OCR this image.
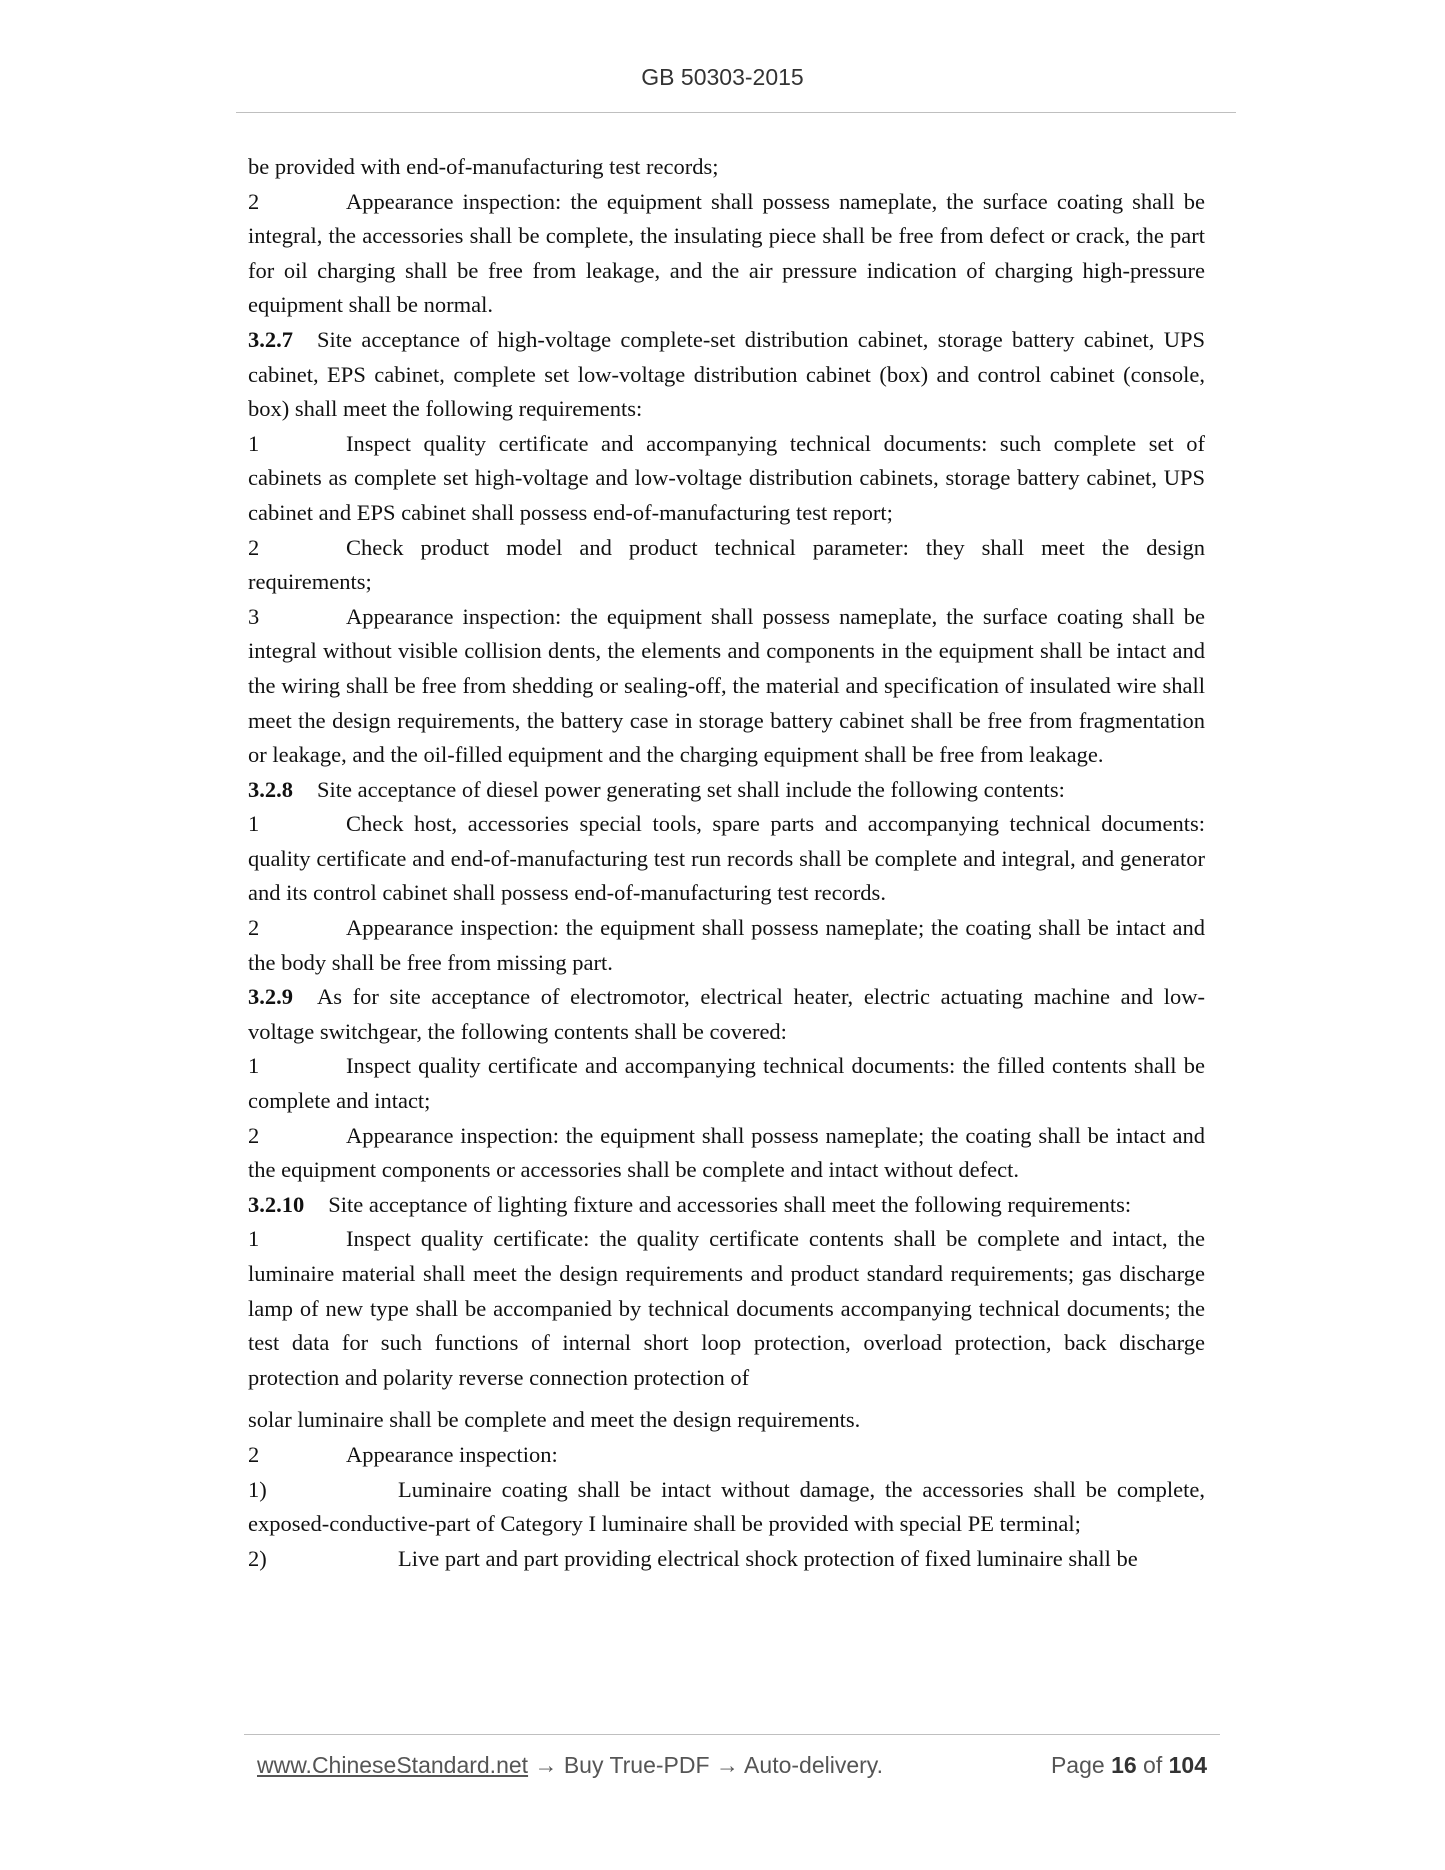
GB 50303-2015
be provided with end-of-manufacturing test records;
2	Appearance inspection: the equipment shall possess nameplate, the surface coating shall be integral, the accessories shall be complete, the insulating piece shall be free from defect or crack, the part for oil charging shall be free from leakage, and the air pressure indication of charging high-pressure equipment shall be normal.
3.2.7 Site acceptance of high-voltage complete-set distribution cabinet, storage battery cabinet, UPS cabinet, EPS cabinet, complete set low-voltage distribution cabinet (box) and control cabinet (console, box) shall meet the following requirements:
1	Inspect quality certificate and accompanying technical documents: such complete set of cabinets as complete set high-voltage and low-voltage distribution cabinets, storage battery cabinet, UPS cabinet and EPS cabinet shall possess end-of-manufacturing test report;
2	Check product model and product technical parameter: they shall meet the design requirements;
3	Appearance inspection: the equipment shall possess nameplate, the surface coating shall be integral without visible collision dents, the elements and components in the equipment shall be intact and the wiring shall be free from shedding or sealing-off, the material and specification of insulated wire shall meet the design requirements, the battery case in storage battery cabinet shall be free from fragmentation or leakage, and the oil-filled equipment and the charging equipment shall be free from leakage.
3.2.8 Site acceptance of diesel power generating set shall include the following contents:
1	Check host, accessories special tools, spare parts and accompanying technical documents: quality certificate and end-of-manufacturing test run records shall be complete and integral, and generator and its control cabinet shall possess end-of-manufacturing test records.
2	Appearance inspection: the equipment shall possess nameplate; the coating shall be intact and the body shall be free from missing part.
3.2.9 As for site acceptance of electromotor, electrical heater, electric actuating machine and low-voltage switchgear, the following contents shall be covered:
1	Inspect quality certificate and accompanying technical documents: the filled contents shall be complete and intact;
2	Appearance inspection: the equipment shall possess nameplate; the coating shall be intact and the equipment components or accessories shall be complete and intact without defect.
3.2.10 Site acceptance of lighting fixture and accessories shall meet the following requirements:
1	Inspect quality certificate: the quality certificate contents shall be complete and intact, the luminaire material shall meet the design requirements and product standard requirements; gas discharge lamp of new type shall be accompanied by technical documents accompanying technical documents; the test data for such functions of internal short loop protection, overload protection, back discharge protection and polarity reverse connection protection of
solar luminaire shall be complete and meet the design requirements.
2	Appearance inspection:
1)	Luminaire coating shall be intact without damage, the accessories shall be complete, exposed-conductive-part of Category I luminaire shall be provided with special PE terminal;
2)	Live part and part providing electrical shock protection of fixed luminaire shall be
www.ChineseStandard.net → Buy True-PDF → Auto-delivery.	Page 16 of 104
